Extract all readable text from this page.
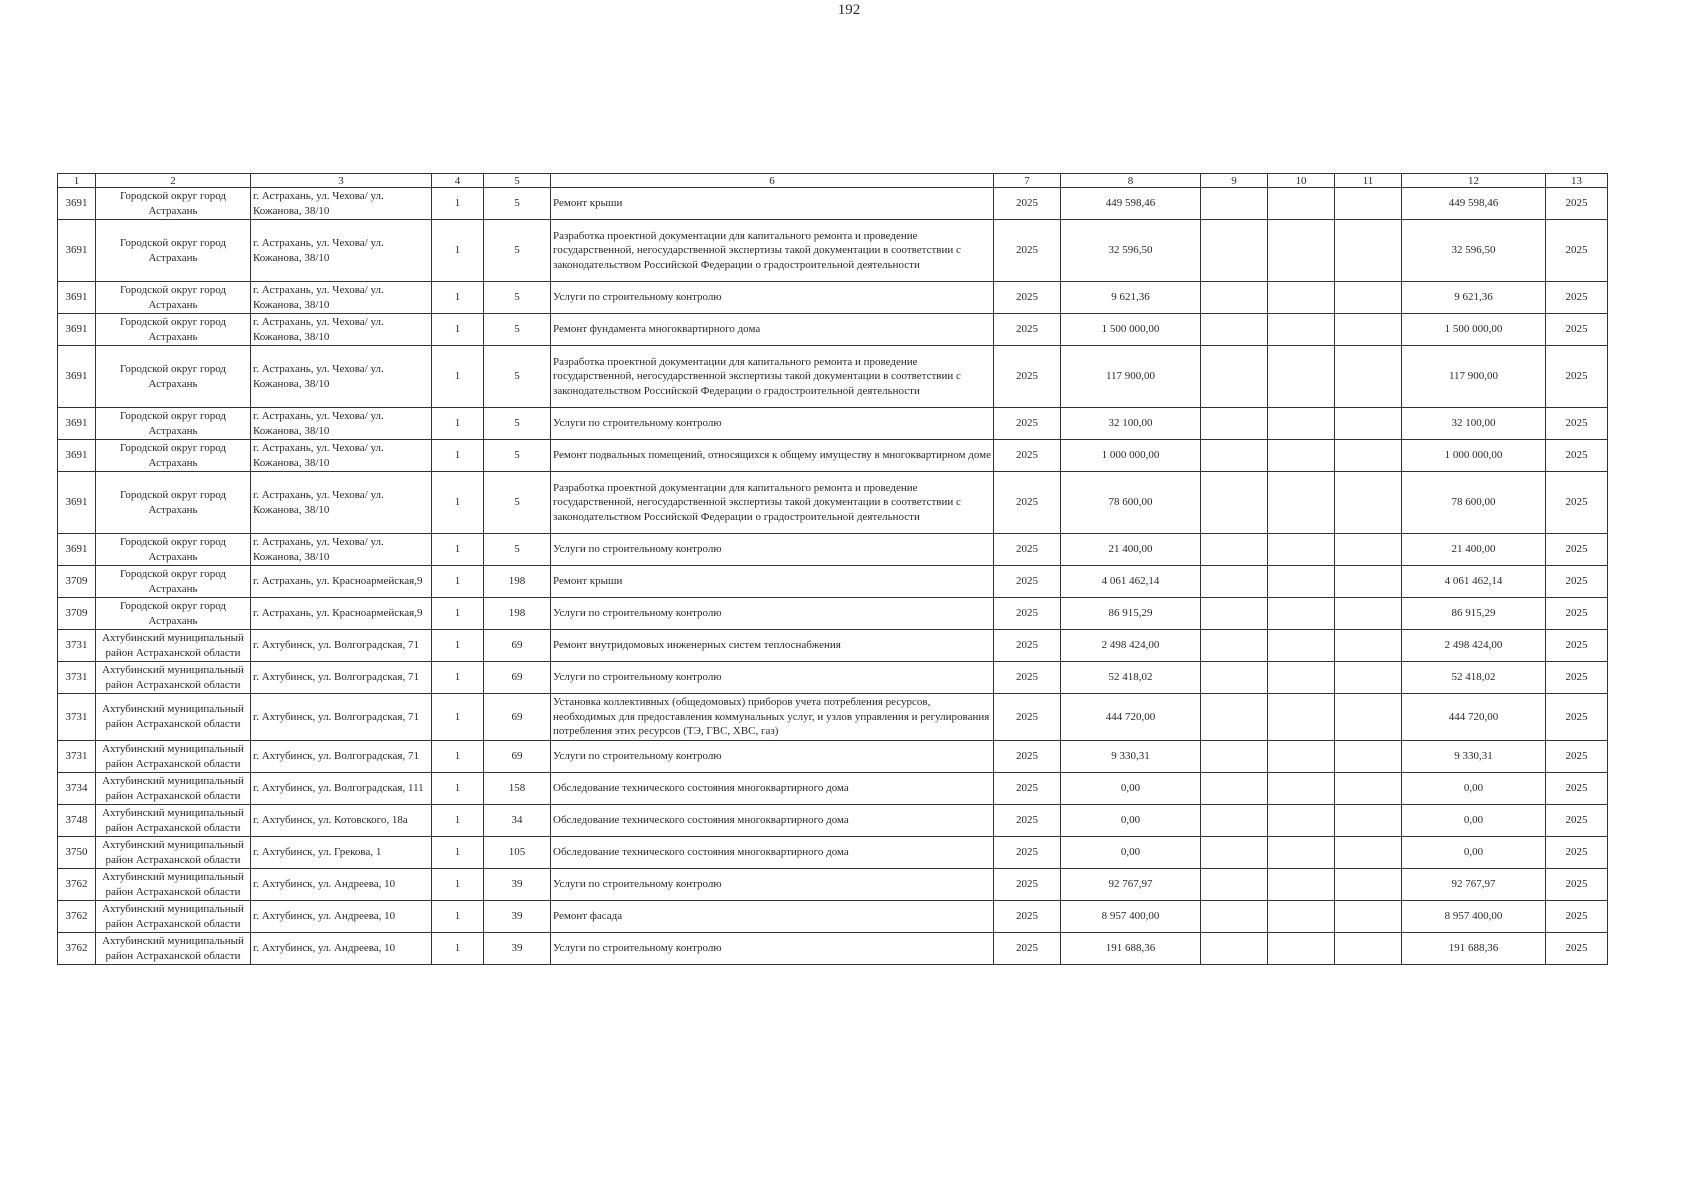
192
1	2	3	4	5	6	7	8	9	10	11	12	13
3691	Городской округ город Астрахань	г. Астрахань, ул. Чехова/ ул. Кожанова, 38/10	1	5	Ремонт крыши	2025	449 598,46				449 598,46	2025
3691	Городской округ город Астрахань	г. Астрахань, ул. Чехова/ ул. Кожанова, 38/10	1	5	Разработка проектной документации для капитального ремонта и проведение государственной, негосударственной экспертизы такой документации в соответствии с законодательством Российской Федерации о градостроительной деятельности	2025	32 596,50				32 596,50	2025
3691	Городской округ город Астрахань	г. Астрахань, ул. Чехова/ ул. Кожанова, 38/10	1	5	Услуги по строительному контролю	2025	9 621,36				9 621,36	2025
3691	Городской округ город Астрахань	г. Астрахань, ул. Чехова/ ул. Кожанова, 38/10	1	5	Ремонт фундамента многоквартирного дома	2025	1 500 000,00				1 500 000,00	2025
3691	Городской округ город Астрахань	г. Астрахань, ул. Чехова/ ул. Кожанова, 38/10	1	5	Разработка проектной документации для капитального ремонта и проведение государственной, негосударственной экспертизы такой документации в соответствии с законодательством Российской Федерации о градостроительной деятельности	2025	117 900,00				117 900,00	2025
3691	Городской округ город Астрахань	г. Астрахань, ул. Чехова/ ул. Кожанова, 38/10	1	5	Услуги по строительному контролю	2025	32 100,00				32 100,00	2025
3691	Городской округ город Астрахань	г. Астрахань, ул. Чехова/ ул. Кожанова, 38/10	1	5	Ремонт подвальных помещений, относящихся к общему имуществу в многоквартирном доме	2025	1 000 000,00				1 000 000,00	2025
3691	Городской округ город Астрахань	г. Астрахань, ул. Чехова/ ул. Кожанова, 38/10	1	5	Разработка проектной документации для капитального ремонта и проведение государственной, негосударственной экспертизы такой документации в соответствии с законодательством Российской Федерации о градостроительной деятельности	2025	78 600,00				78 600,00	2025
3691	Городской округ город Астрахань	г. Астрахань, ул. Чехова/ ул. Кожанова, 38/10	1	5	Услуги по строительному контролю	2025	21 400,00				21 400,00	2025
3709	Городской округ город Астрахань	г. Астрахань, ул. Красноармейская,9	1	198	Ремонт крыши	2025	4 061 462,14				4 061 462,14	2025
3709	Городской округ город Астрахань	г. Астрахань, ул. Красноармейская,9	1	198	Услуги по строительному контролю	2025	86 915,29				86 915,29	2025
3731	Ахтубинский муниципальный район Астраханской области	г. Ахтубинск, ул. Волгоградская, 71	1	69	Ремонт внутридомовых инженерных систем теплоснабжения	2025	2 498 424,00				2 498 424,00	2025
3731	Ахтубинский муниципальный район Астраханской области	г. Ахтубинск, ул. Волгоградская, 71	1	69	Услуги по строительному контролю	2025	52 418,02				52 418,02	2025
3731	Ахтубинский муниципальный район Астраханской области	г. Ахтубинск, ул. Волгоградская, 71	1	69	Установка коллективных (общедомовых) приборов учета потребления ресурсов, необходимых для предоставления коммунальных услуг, и узлов управления и регулирования потребления этих ресурсов (ТЭ, ГВС, ХВС, газ)	2025	444 720,00				444 720,00	2025
3731	Ахтубинский муниципальный район Астраханской области	г. Ахтубинск, ул. Волгоградская, 71	1	69	Услуги по строительному контролю	2025	9 330,31				9 330,31	2025
3734	Ахтубинский муниципальный район Астраханской области	г. Ахтубинск, ул. Волгоградская, 111	1	158	Обследование технического состояния многоквартирного дома	2025	0,00				0,00	2025
3748	Ахтубинский муниципальный район Астраханской области	г. Ахтубинск, ул. Котовского, 18а	1	34	Обследование технического состояния многоквартирного дома	2025	0,00				0,00	2025
3750	Ахтубинский муниципальный район Астраханской области	г. Ахтубинск, ул. Грекова, 1	1	105	Обследование технического состояния многоквартирного дома	2025	0,00				0,00	2025
3762	Ахтубинский муниципальный район Астраханской области	г. Ахтубинск, ул. Андреева, 10	1	39	Услуги по строительному контролю	2025	92 767,97				92 767,97	2025
3762	Ахтубинский муниципальный район Астраханской области	г. Ахтубинск, ул. Андреева, 10	1	39	Ремонт фасада	2025	8 957 400,00				8 957 400,00	2025
3762	Ахтубинский муниципальный район Астраханской области	г. Ахтубинск, ул. Андреева, 10	1	39	Услуги по строительному контролю	2025	191 688,36				191 688,36	2025
